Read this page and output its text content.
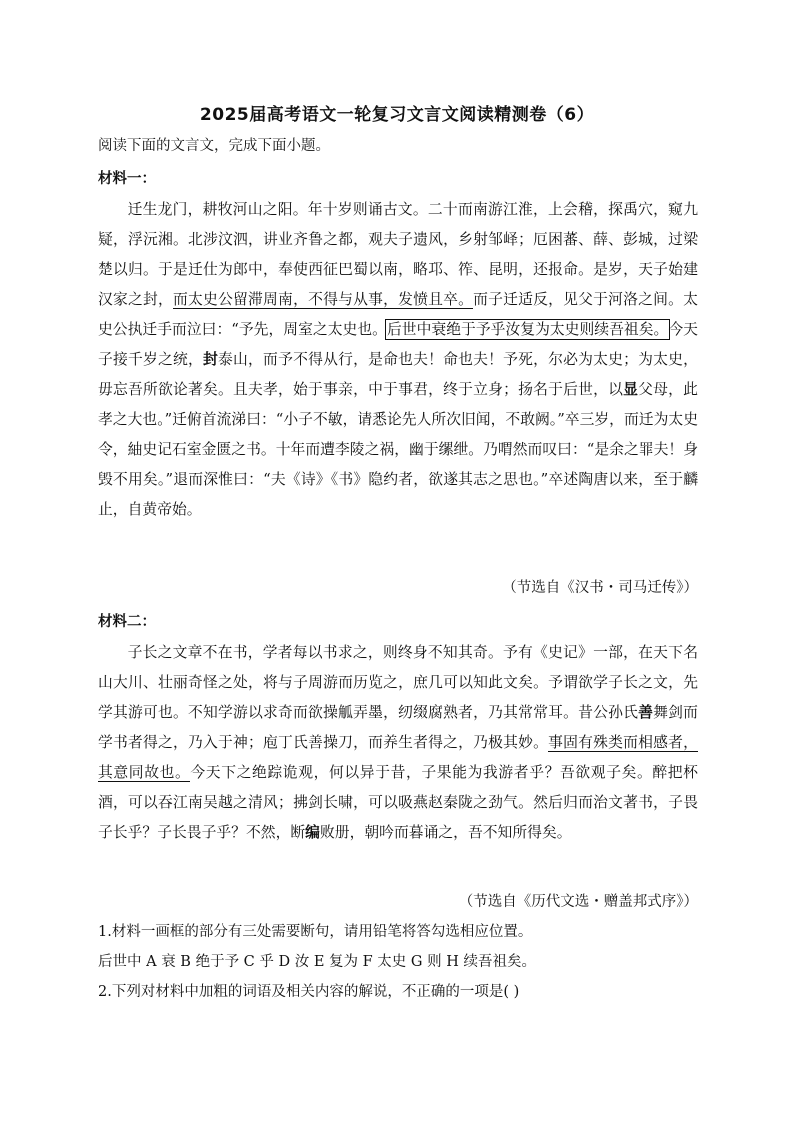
2025届高考语文一轮复习文言文阅读精测卷（6）
阅读下面的文言文，完成下面小题。
材料一：

迁生龙门，耕牧河山之阳。年十岁则诵古文。二十而南游江淮，上会稽，探禹穴，窥九疑，浮沅湘。北涉汶泗，讲业齐鲁之都，观夫子遗风，乡射邹峄；厄困蕃、薛、彭城，过梁楚以归。于是迁仕为郎中，奉使西征巴蜀以南，略邛、筰、昆明，还报命。是岁，天子始建汉家之封，而太史公留滞周南，不得与从事，发愤且卒。而子迁适反，见父于河洛之间。太史公执迁手而泣曰：“予先，周室之太史也。后世中衰绝于予乎汝复为太史则续吾祖矣。今天子接千岁之统，封泰山，而予不得从行，是命也夫！命也夫！予死，尔必为太史；为太史，毋忘吾所欲论著矣。且夫孝，始于事亲，中于事君，终于立身；扬名于后世，以显父母，此孝之大也。”迁俯首流涕曰：“小子不敏，请悉论先人所次旧闻，不敢阙。”卒三岁，而迁为太史令，紬史记石室金匮之书。十年而遭李陵之祸，幽于缧绁。乃喟然而叹曰：“是余之罪夫！身毁不用矣。”退而深惟曰：“夫《诗》《书》隐约者，欲遂其志之思也。”卒述陶唐以来，至于麟止，自黄帝始。

（节选自《汉书・司马迁传》）
材料二：

子长之文章不在书，学者每以书求之，则终身不知其奇。予有《史记》一部，在天下名山大川、壮丽奇怪之处，将与子周游而历览之，庶几可以知此文矣。予谓欲学子长之文，先学其游可也。不知学游以求奇而欲操觚弄墨，纫缀腐熟者，乃其常常耳。昔公孙氏善舞剑而学书者得之，乃入于神；庖丁氏善操刀，而养生者得之，乃极其妙。事固有殊类而相感者，其意同故也。今天下之绝踪诡观，何以异于昔，子果能为我游者乎？吾欲观子矣。醉把杯酒，可以吞江南吴越之清风；拂剑长啸，可以吸燕赵秦陇之劲气。然后归而治文著书，子畏子长乎？子长畏子乎？不然，断编败册，朝吟而暮诵之，吾不知所得矣。

（节选自《历代文选・赠盖邦式序》）
1.材料一画框的部分有三处需要断句，请用铅笔将答勾选相应位置。
后世中 A 衰 B 绝于予 C 乎 D 汝 E 复为 F 太史 G 则 H 续吾祖矣。
2.下列对材料中加粗的词语及相关内容的解说，不正确的一项是( )
